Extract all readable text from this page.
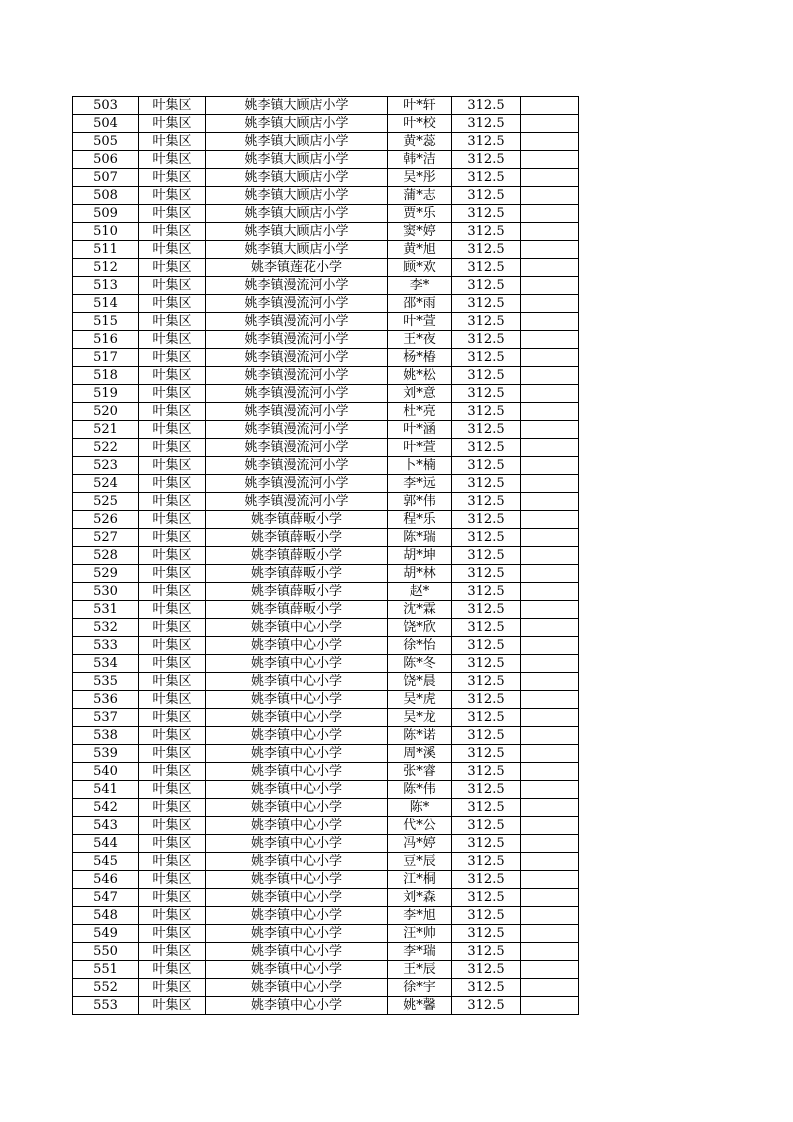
503	叶集区	姚李镇大顾店小学	叶*轩	312.5	
504	叶集区	姚李镇大顾店小学	叶*校	312.5	
505	叶集区	姚李镇大顾店小学	黄*蕊	312.5	
506	叶集区	姚李镇大顾店小学	韩*洁	312.5	
507	叶集区	姚李镇大顾店小学	吴*彤	312.5	
508	叶集区	姚李镇大顾店小学	蒲*志	312.5	
509	叶集区	姚李镇大顾店小学	贾*乐	312.5	
510	叶集区	姚李镇大顾店小学	窦*婷	312.5	
511	叶集区	姚李镇大顾店小学	黄*旭	312.5	
512	叶集区	姚李镇莲花小学	顾*欢	312.5	
513	叶集区	姚李镇漫流河小学	李*	312.5	
514	叶集区	姚李镇漫流河小学	邵*雨	312.5	
515	叶集区	姚李镇漫流河小学	叶*萱	312.5	
516	叶集区	姚李镇漫流河小学	王*夜	312.5	
517	叶集区	姚李镇漫流河小学	杨*椿	312.5	
518	叶集区	姚李镇漫流河小学	姚*松	312.5	
519	叶集区	姚李镇漫流河小学	刘*意	312.5	
520	叶集区	姚李镇漫流河小学	杜*亮	312.5	
521	叶集区	姚李镇漫流河小学	叶*涵	312.5	
522	叶集区	姚李镇漫流河小学	叶*萱	312.5	
523	叶集区	姚李镇漫流河小学	卜*楠	312.5	
524	叶集区	姚李镇漫流河小学	李*远	312.5	
525	叶集区	姚李镇漫流河小学	郭*伟	312.5	
526	叶集区	姚李镇薛畈小学	程*乐	312.5	
527	叶集区	姚李镇薛畈小学	陈*瑞	312.5	
528	叶集区	姚李镇薛畈小学	胡*坤	312.5	
529	叶集区	姚李镇薛畈小学	胡*林	312.5	
530	叶集区	姚李镇薛畈小学	赵*	312.5	
531	叶集区	姚李镇薛畈小学	沈*霖	312.5	
532	叶集区	姚李镇中心小学	饶*欣	312.5	
533	叶集区	姚李镇中心小学	徐*怡	312.5	
534	叶集区	姚李镇中心小学	陈*冬	312.5	
535	叶集区	姚李镇中心小学	饶*晨	312.5	
536	叶集区	姚李镇中心小学	吴*虎	312.5	
537	叶集区	姚李镇中心小学	吴*龙	312.5	
538	叶集区	姚李镇中心小学	陈*诺	312.5	
539	叶集区	姚李镇中心小学	周*溪	312.5	
540	叶集区	姚李镇中心小学	张*睿	312.5	
541	叶集区	姚李镇中心小学	陈*伟	312.5	
542	叶集区	姚李镇中心小学	陈*	312.5	
543	叶集区	姚李镇中心小学	代*公	312.5	
544	叶集区	姚李镇中心小学	冯*婷	312.5	
545	叶集区	姚李镇中心小学	豆*辰	312.5	
546	叶集区	姚李镇中心小学	江*桐	312.5	
547	叶集区	姚李镇中心小学	刘*森	312.5	
548	叶集区	姚李镇中心小学	李*旭	312.5	
549	叶集区	姚李镇中心小学	汪*帅	312.5	
550	叶集区	姚李镇中心小学	李*瑞	312.5	
551	叶集区	姚李镇中心小学	王*辰	312.5	
552	叶集区	姚李镇中心小学	徐*宇	312.5	
553	叶集区	姚李镇中心小学	姚*馨	312.5	
